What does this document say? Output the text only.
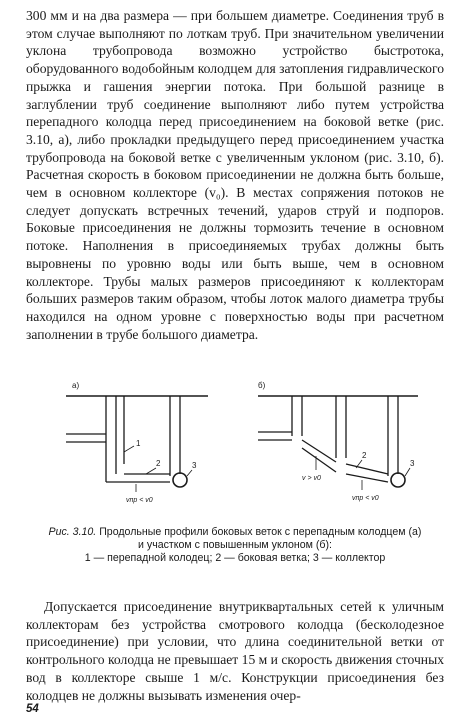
300 мм и на два размера — при большем диаметре. Соединения труб в этом случае выполняют по лоткам труб. При значительном увеличении уклона трубопровода возможно устройство быстротока, оборудованного водобойным колодцем для затопления гидравлического прыжка и гашения энергии потока. При большой разнице в заглублении труб соединение выполняют либо путем устройства перепадного колодца перед присоединением на боковой ветке (рис. 3.10, а), либо прокладки предыдущего перед присоединением участка трубопровода на боковой ветке с увеличенным уклоном (рис. 3.10, б). Расчетная скорость в боковом присоединении не должна быть больше, чем в основном коллекторе (v₀). В местах сопряжения потоков не следует допускать встречных течений, ударов струй и подпоров. Боковые присоединения не должны тормозить течение в основном потоке. Наполнения в присоединяемых трубах должны быть выровнены по уровню воды или быть выше, чем в основном коллекторе. Трубы малых размеров присоединяют к коллекторам больших размеров таким образом, чтобы лоток малого диаметра трубы находился на одном уровне с поверхностью воды при расчетном заполнении в трубе большого диаметра.

а)	б)
1
2	3
vпр < v0
2
3
v > v0
vпр < v0
Рис. 3.10. Продольные профили боковых веток с перепадным колодцем (а)
и участком с повышенным уклоном (б):
1 — перепадной колодец; 2 — боковая ветка; 3 — коллектор

Допускается присоединение внутриквартальных сетей к уличным коллекторам без устройства смотрового колодца (бесколодезное присоединение) при условии, что длина соединительной ветки от контрольного колодца не превышает 15 м и скорость движения сточных вод в коллекторе свыше 1 м/с. Конструкции присоединения без колодцев не должны вызывать изменения очер-

54
